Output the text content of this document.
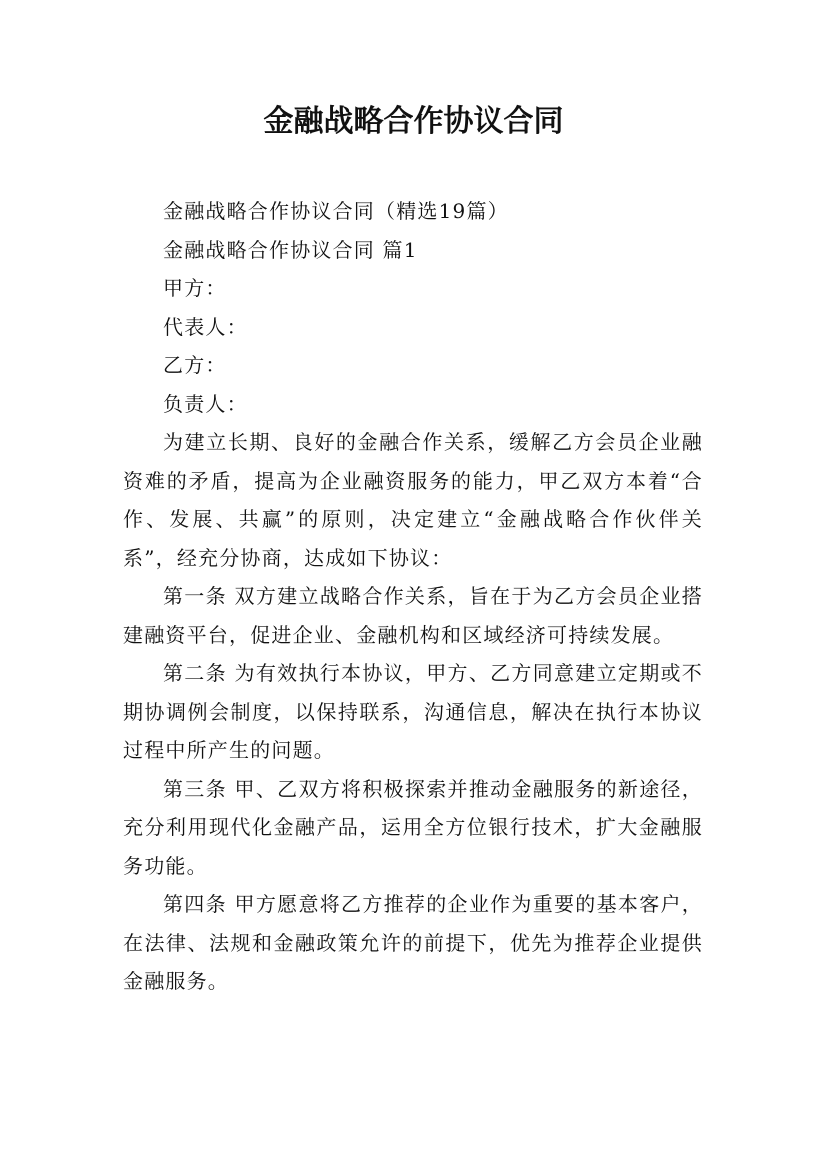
金融战略合作协议合同

金融战略合作协议合同（精选19篇）

金融战略合作协议合同 篇1

甲方：

代表人：

乙方：

负责人：

为建立长期、良好的金融合作关系，缓解乙方会员企业融资难的矛盾，提高为企业融资服务的能力，甲乙双方本着“合作、发展、共赢”的原则，决定建立“金融战略合作伙伴关系”，经充分协商，达成如下协议：

第一条 双方建立战略合作关系，旨在于为乙方会员企业搭建融资平台，促进企业、金融机构和区域经济可持续发展。

第二条 为有效执行本协议，甲方、乙方同意建立定期或不期协调例会制度，以保持联系，沟通信息，解决在执行本协议过程中所产生的问题。

第三条 甲、乙双方将积极探索并推动金融服务的新途径，充分利用现代化金融产品，运用全方位银行技术，扩大金融服务功能。

第四条 甲方愿意将乙方推荐的企业作为重要的基本客户，在法律、法规和金融政策允许的前提下，优先为推荐企业提供金融服务。
